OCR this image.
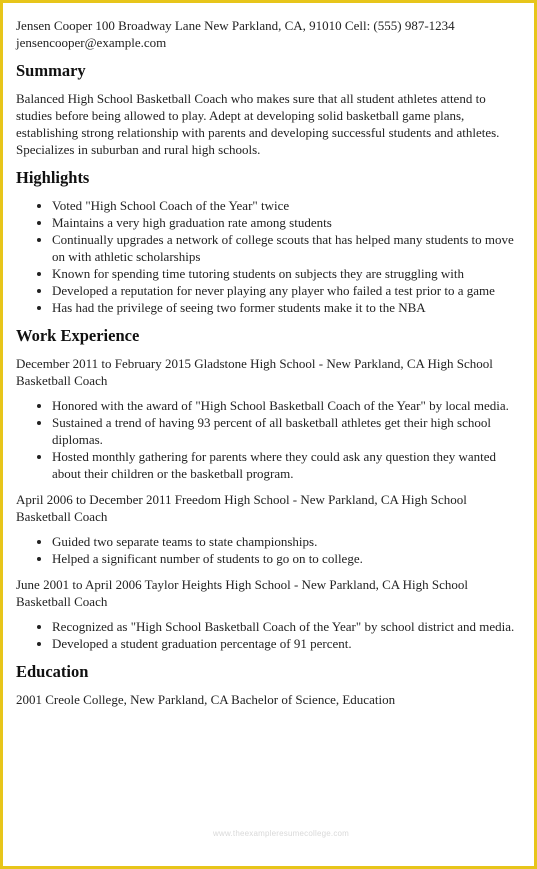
Jensen Cooper 100 Broadway Lane New Parkland, CA, 91010 Cell: (555) 987-1234 jensencooper@example.com

Summary

Balanced High School Basketball Coach who makes sure that all student athletes attend to studies before being allowed to play. Adept at developing solid basketball game plans, establishing strong relationship with parents and developing successful students and athletes. Specializes in suburban and rural high schools.

Highlights
• Voted "High School Coach of the Year" twice
• Maintains a very high graduation rate among students
• Continually upgrades a network of college scouts that has helped many students to move on with athletic scholarships
• Known for spending time tutoring students on subjects they are struggling with
• Developed a reputation for never playing any player who failed a test prior to a game
• Has had the privilege of seeing two former students make it to the NBA
Work Experience

December 2011 to February 2015 Gladstone High School - New Parkland, CA High School Basketball Coach

• Honored with the award of "High School Basketball Coach of the Year" by local media.
• Sustained a trend of having 93 percent of all basketball athletes get their high school diplomas.
• Hosted monthly gathering for parents where they could ask any question they wanted about their children or the basketball program.

April 2006 to December 2011 Freedom High School - New Parkland, CA High School Basketball Coach

• Guided two separate teams to state championships.
• Helped a significant number of students to go on to college.

June 2001 to April 2006 Taylor Heights High School - New Parkland, CA High School Basketball Coach

• Recognized as "High School Basketball Coach of the Year" by school district and media.
• Developed a student graduation percentage of 91 percent.
Education

2001 Creole College, New Parkland, CA Bachelor of Science, Education

www.theexampleresumecollege.com
